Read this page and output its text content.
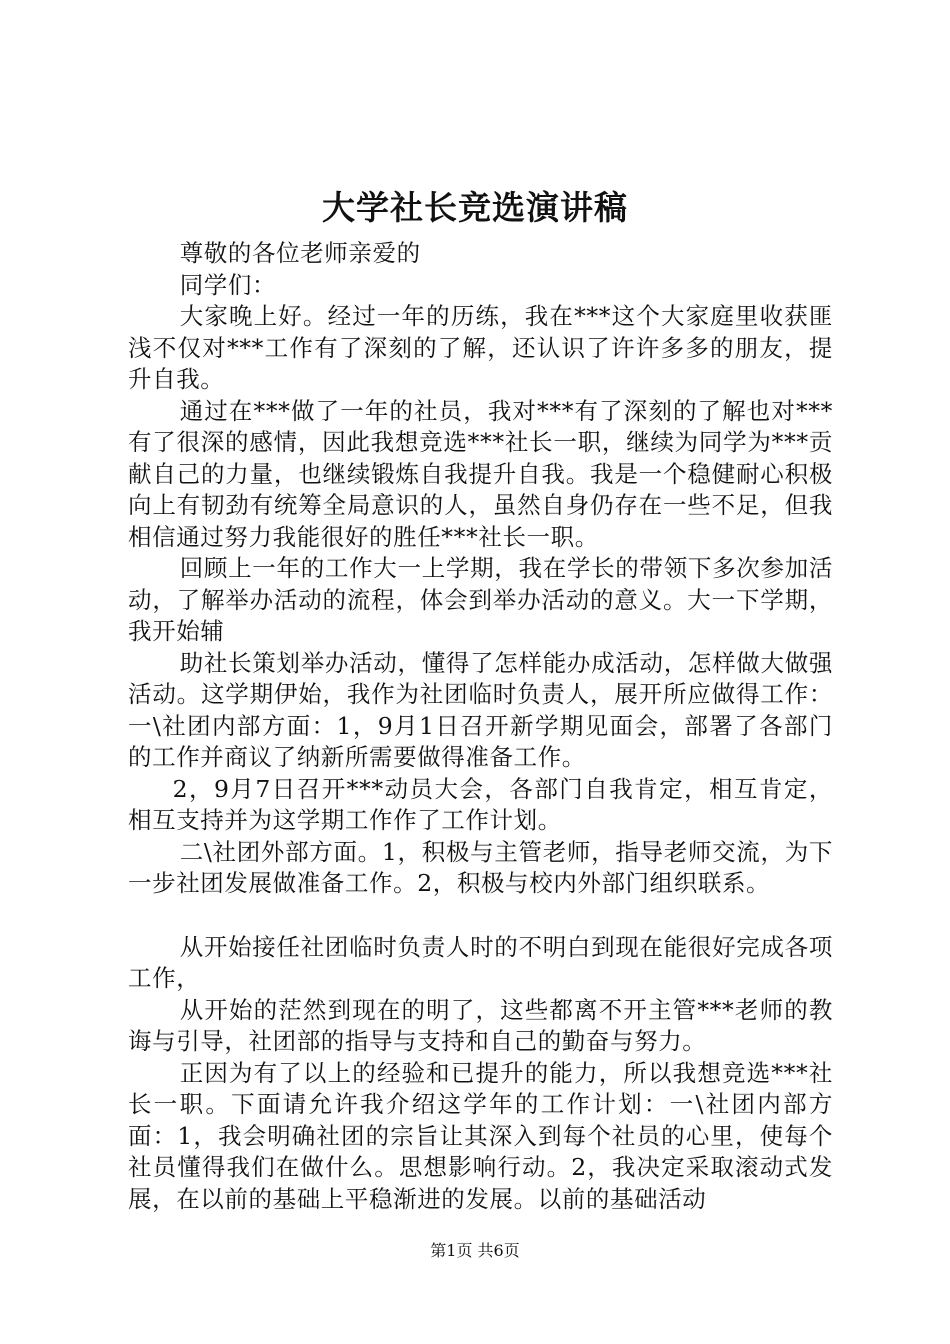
大学社长竞选演讲稿

尊敬的各位老师亲爱的

同学们：

大家晚上好。经过一年的历练，我在***这个大家庭里收获匪浅不仅对***工作有了深刻的了解，还认识了许许多多的朋友，提升自我。

通过在***做了一年的社员，我对***有了深刻的了解也对***有了很深的感情，因此我想竞选***社长一职，继续为同学为***贡献自己的力量，也继续锻炼自我提升自我。我是一个稳健耐心积极向上有韧劲有统筹全局意识的人，虽然自身仍存在一些不足，但我相信通过努力我能很好的胜任***社长一职。

回顾上一年的工作大一上学期，我在学长的带领下多次参加活动，了解举办活动的流程，体会到举办活动的意义。大一下学期，我开始辅

助社长策划举办活动，懂得了怎样能办成活动，怎样做大做强活动。这学期伊始，我作为社团临时负责人，展开所应做得工作：一\社团内部方面：1，9月1日召开新学期见面会，部署了各部门的工作并商议了纳新所需要做得准备工作。

2，9月7日召开***动员大会，各部门自我肯定，相互肯定，相互支持并为这学期工作作了工作计划。

二\社团外部方面。1，积极与主管老师，指导老师交流，为下一步社团发展做准备工作。2，积极与校内外部门组织联系。

从开始接任社团临时负责人时的不明白到现在能很好完成各项工作，

从开始的茫然到现在的明了，这些都离不开主管***老师的教诲与引导，社团部的指导与支持和自己的勤奋与努力。

正因为有了以上的经验和已提升的能力，所以我想竞选***社长一职。下面请允许我介绍这学年的工作计划：一\社团内部方面：1，我会明确社团的宗旨让其深入到每个社员的心里，使每个社员懂得我们在做什么。思想影响行动。2，我决定采取滚动式发展，在以前的基础上平稳渐进的发展。以前的基础活动

第1页 共6页
